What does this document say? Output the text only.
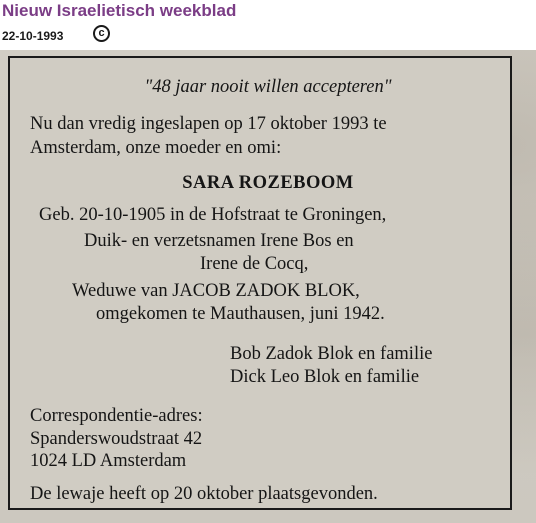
Nieuw Israelietisch weekblad
22-10-1993	c
"48 jaar nooit willen accepteren"
Nu dan vredig ingeslapen op 17 oktober 1993 te
Amsterdam, onze moeder en omi:
SARA ROZEBOOM
Geb. 20-10-1905 in de Hofstraat te Groningen,
Duik- en verzetsnamen Irene Bos en
Irene de Cocq,
Weduwe van JACOB ZADOK BLOK,
omgekomen te Mauthausen, juni 1942.
Bob Zadok Blok en familie
Dick Leo Blok en familie
Correspondentie-adres:
Spanderswoudstraat 42
1024 LD Amsterdam
De lewaje heeft op 20 oktober plaatsgevonden.
